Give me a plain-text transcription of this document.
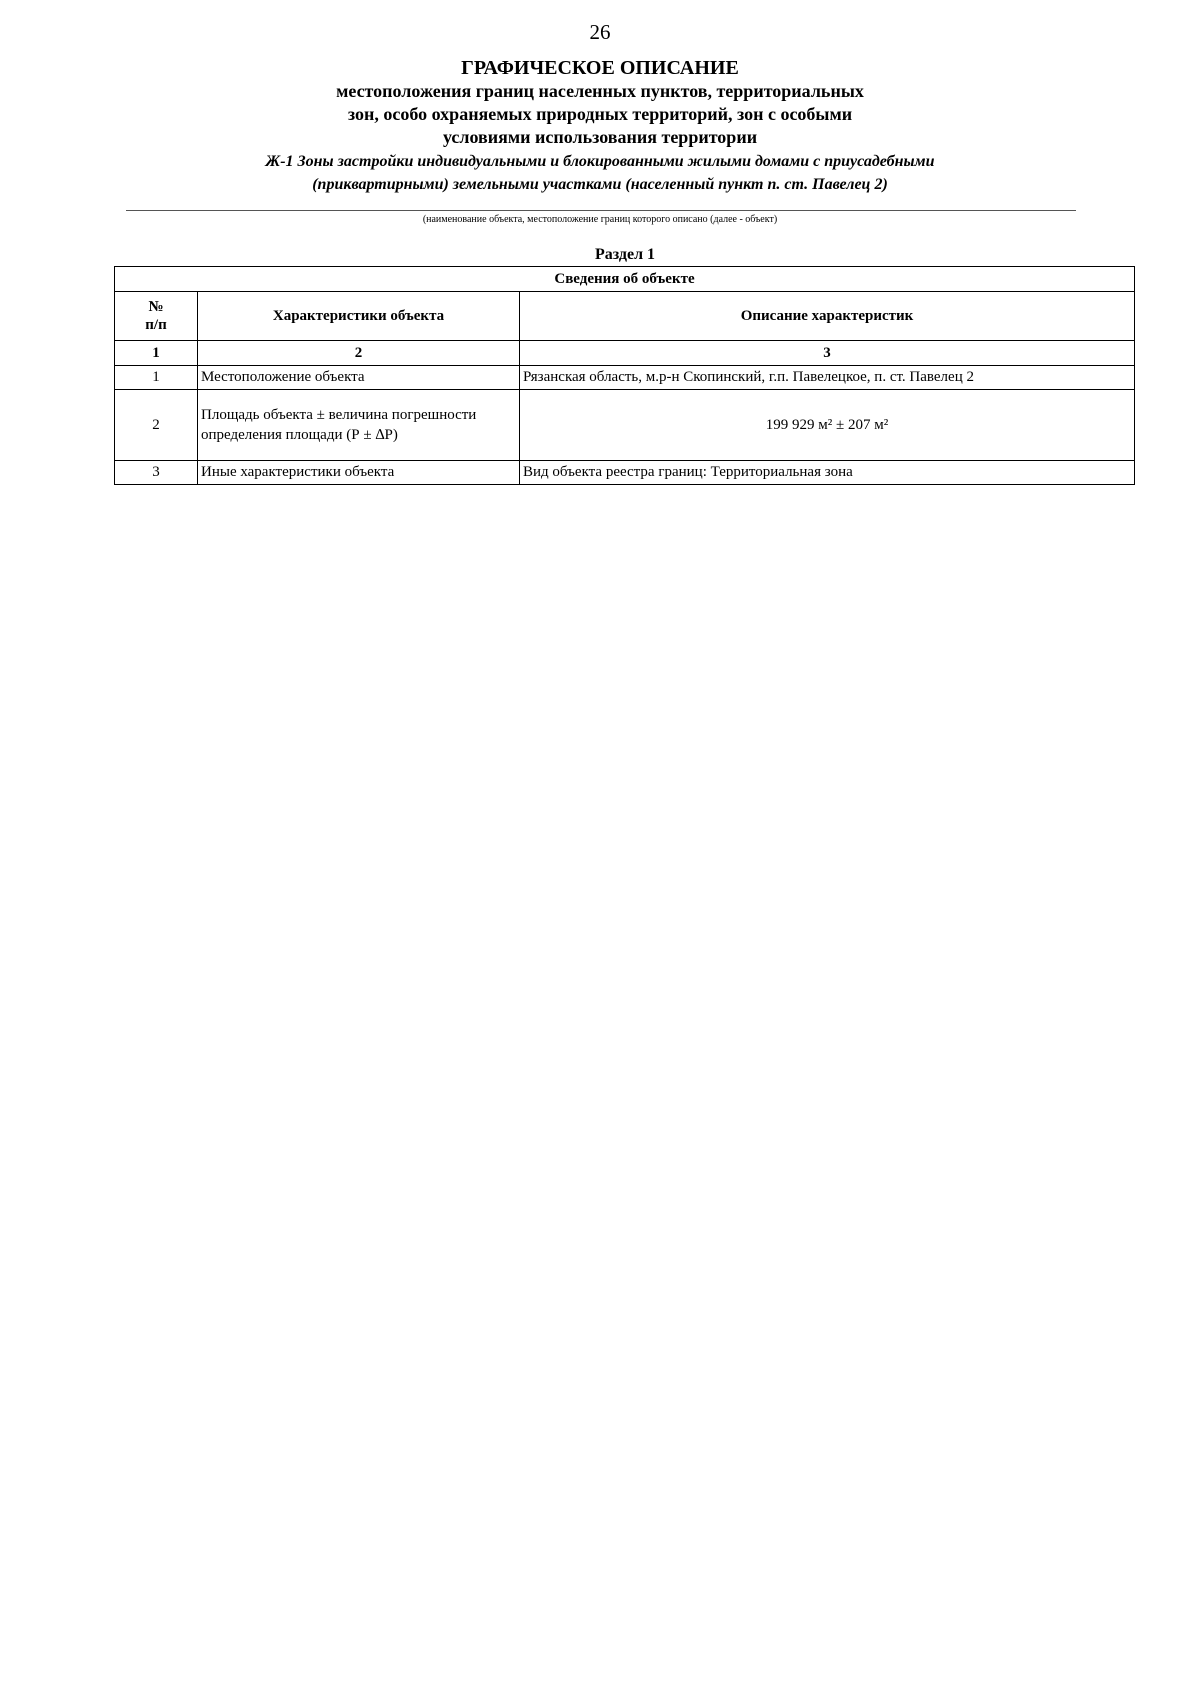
26
ГРАФИЧЕСКОЕ ОПИСАНИЕ
местоположения границ населенных пунктов, территориальных
зон, особо охраняемых природных территорий, зон с особыми
условиями использования территории
Ж-1 Зоны застройки индивидуальными и блокированными жилыми домами с приусадебными
(приквартирными) земельными участками (населенный пункт п. ст. Павелец 2)
(наименование объекта, местоположение границ которого описано (далее - объект)
Раздел 1
Сведения об объекте		
№
п/п	Характеристики объекта	Описание характеристик
1	2	3
1	Местоположение объекта	Рязанская область, м.р-н Скопинский, г.п. Павелецкое, п. ст. Павелец 2
2	Площадь объекта ± величина погрешности определения площади (Р ± ∆Р)	199 929 м² ± 207 м²
3	Иные характеристики объекта	Вид объекта реестра границ: Территориальная зона
